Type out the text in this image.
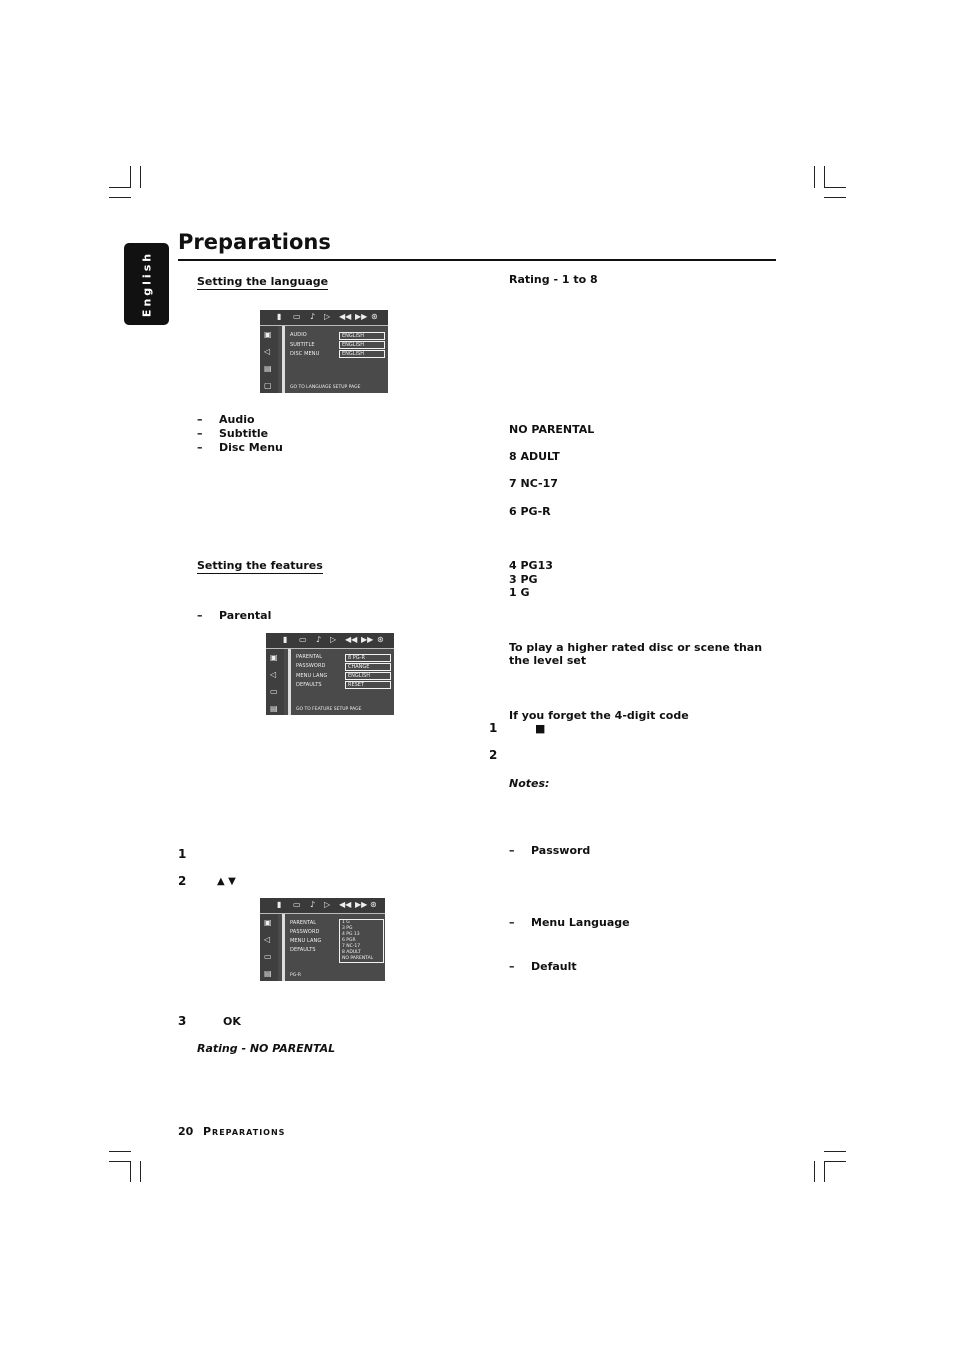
English
Preparations
Setting the language
▮ ▭ ♪ ▷ ◀◀ ▶▶ ⊛
▣
◁
▤
▢
AUDIO
SUBTITLE
DISC MENU
ENGLISH
ENGLISH
ENGLISH
GO TO LANGUAGE SETUP PAGE
– Audio
– Subtitle
– Disc Menu
Setting the features
– Parental
▮ ▭ ♪ ▷ ◀◀ ▶▶ ⊛
▣
◁
▭
▤
PARENTAL
PASSWORD
MENU LANG
DEFAULTS
8 PG-R
CHANGE
ENGLISH
RESET
GO TO FEATURE SETUP PAGE
1
2	▲ ▼
▮ ▭ ♪ ▷ ◀◀ ▶▶ ⊛
▣
◁
▭
▤
PARENTAL
PASSWORD
MENU LANG
DEFAULTS
1 G
3 PG
4 PG 13
6 PGR
7 NC-17
8 ADULT
NO PARENTAL
PG-R
3	OK
Rating - NO PARENTAL
Rating - 1 to 8
NO PARENTAL
8 ADULT
7 NC-17
6 PG-R
4 PG13
3 PG
1 G
To play a higher rated disc or scene than the level set
If you forget the 4-digit code
1	■
2
Notes:
– Password
– Menu Language
– Default
20 Preparations
